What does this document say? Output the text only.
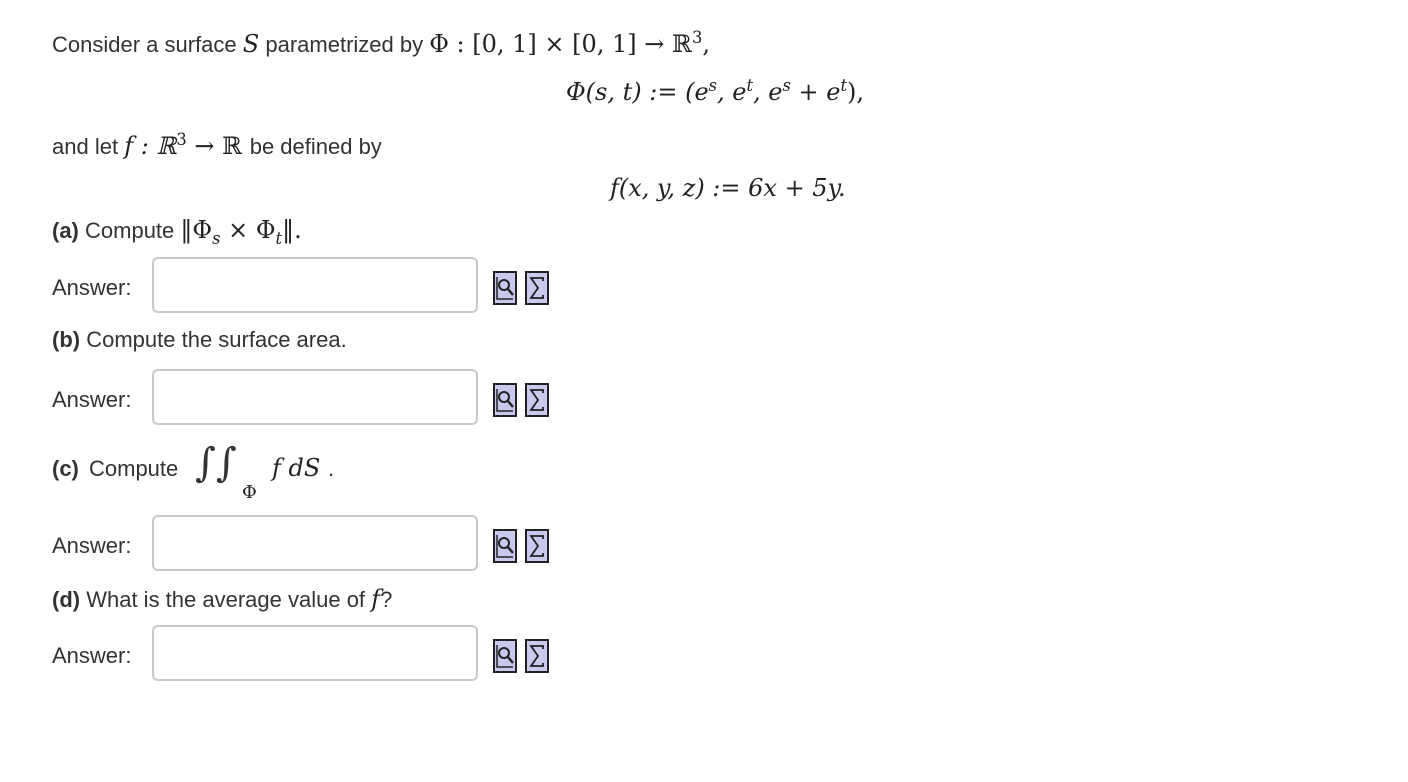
Consider a surface S parametrized by Φ : [0, 1] × [0, 1] → ℝ$^3$,
Φ(s, t) := ($e^s$, $e^t$, $e^s + e^t$),
and let f : ℝ$^3$ → ℝ be defined by
f(x, y, z) := 6x + 5y.
(a) Compute $‖\Phi_s$ × $\Phi_t‖$.
Answer:
(b) Compute the surface area.
Answer:
(c) Compute ∫∫
Φ
f dS .
Answer:
(d) What is the average value of f?
Answer:
